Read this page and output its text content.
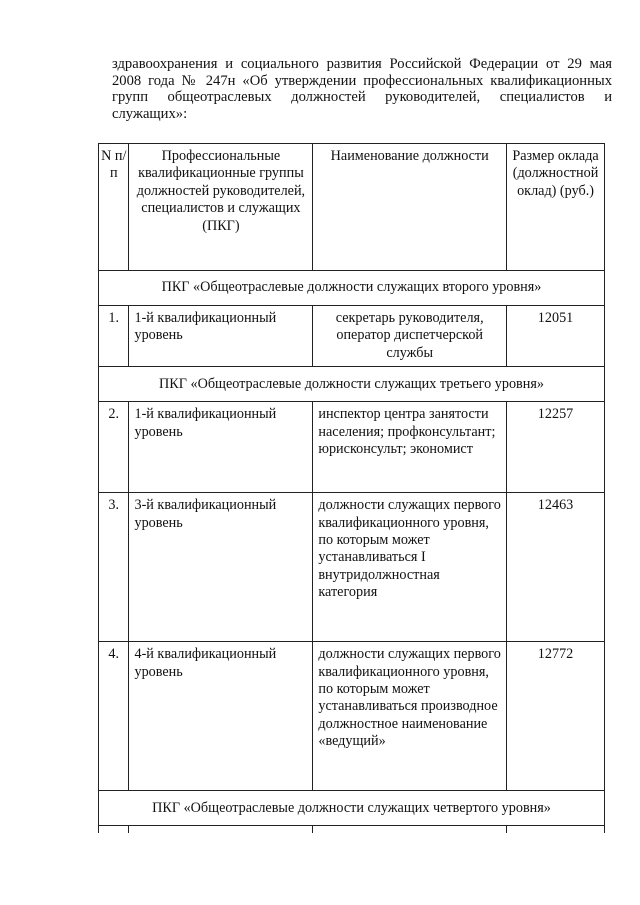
здравоохранения и социального развития Российской Федерации от 29 мая
2008 года № 247н «Об утверждении профессиональных квалификационных
групп общеотраслевых должностей руководителей, специалистов и
служащих»:
N п/п	Профессиональные квалификационные группы должностей руководителей, специалистов и служащих (ПКГ)	Наименование должности	Размер оклада (должностной оклад) (руб.)
ПКГ «Общеотраслевые должности служащих второго уровня»			
1.	1-й квалификационный уровень	секретарь руководителя, оператор диспетчерской службы	12051
ПКГ «Общеотраслевые должности служащих третьего уровня»			
2.	1-й квалификационный уровень	инспектор центра занятости населения; профконсультант; юрисконсульт; экономист	12257
3.	3-й квалификационный уровень	должности служащих первого квалификационного уровня, по которым может устанавливаться I внутридолжностная категория	12463
4.	4-й квалификационный уровень	должности служащих первого квалификационного уровня, по которым может устанавливаться производное должностное наименование «ведущий»	12772
ПКГ «Общеотраслевые должности служащих четвертого уровня»			
